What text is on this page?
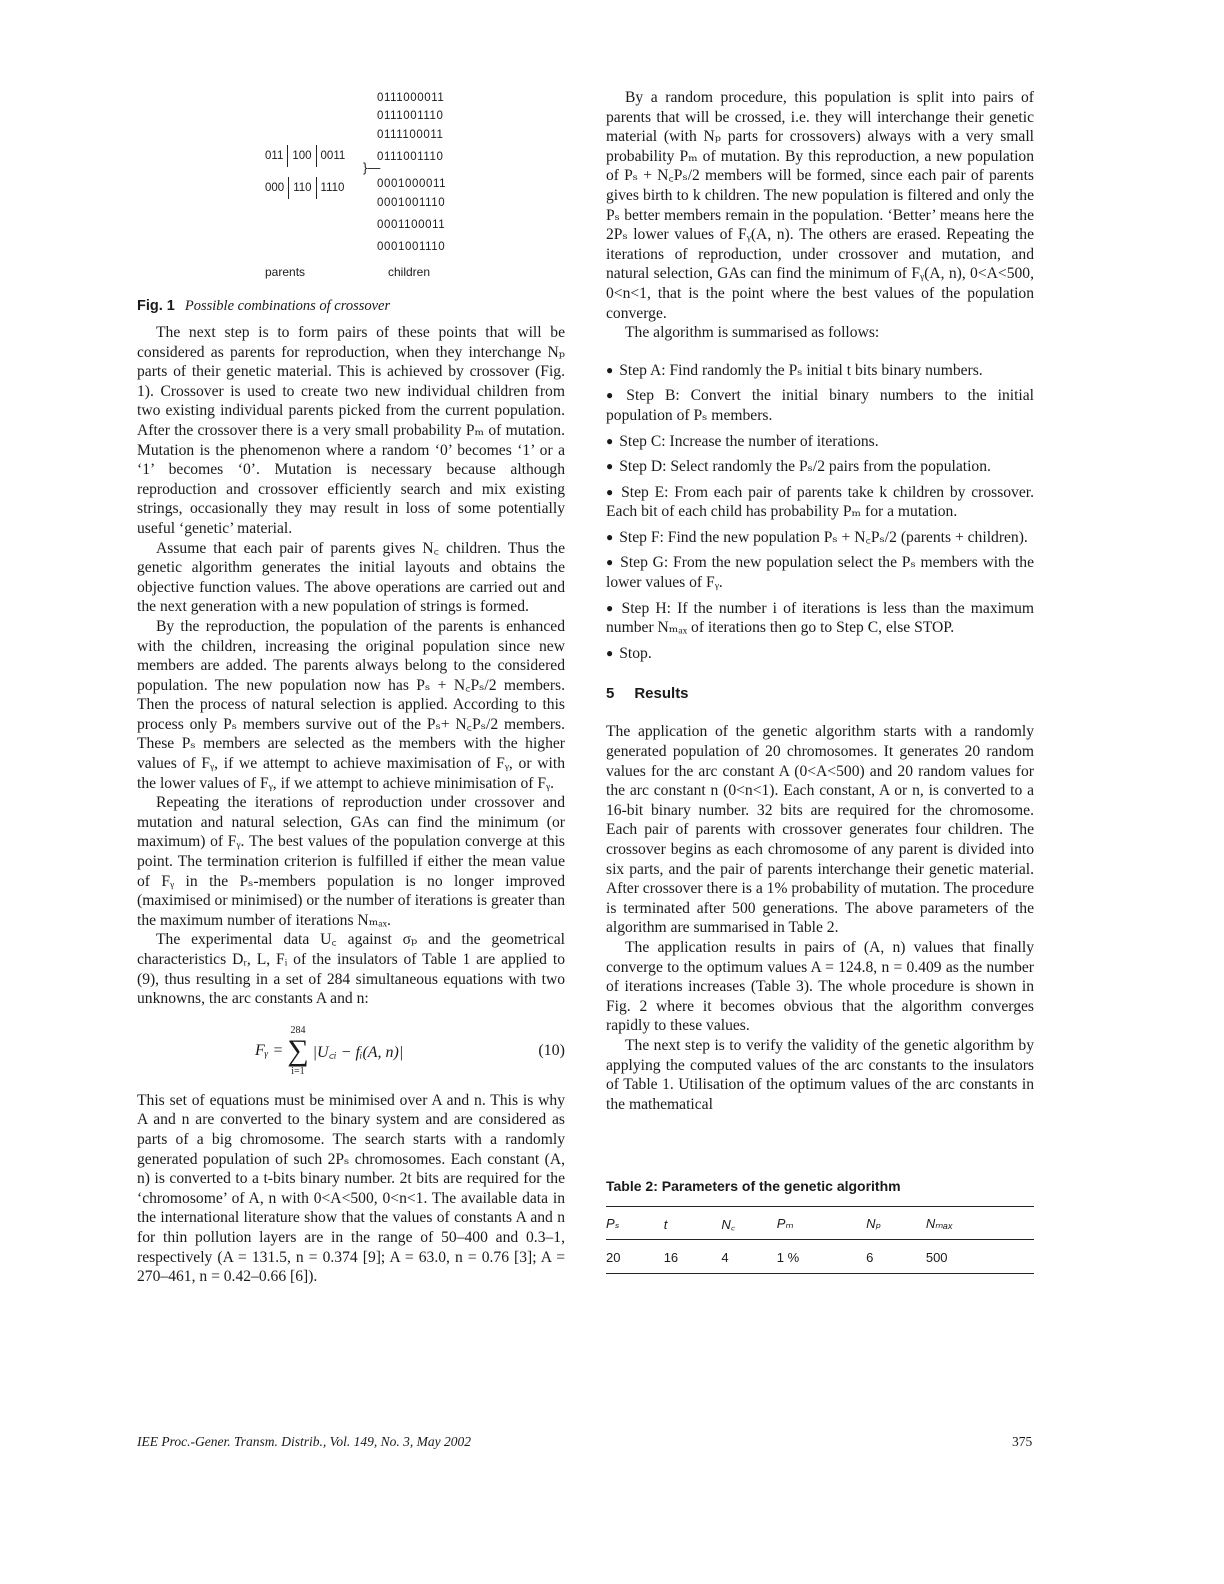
011 100 0011
000 110 1110
}—
0111000011
0111001110
0111100011
0111001110
0001000011
0001001110
0001100011
0001001110
parents	children
Fig. 1 Possible combinations of crossover

The next step is to form pairs of these points that will be considered as parents for reproduction, when they interchange Nₚ parts of their genetic material. This is achieved by crossover (Fig. 1). Crossover is used to create two new individual children from two existing individual parents picked from the current population. After the crossover there is a very small probability Pₘ of mutation. Mutation is the phenomenon where a random ‘0’ becomes ‘1’ or a ‘1’ becomes ‘0’. Mutation is necessary because although reproduction and crossover efficiently search and mix existing strings, occasionally they may result in loss of some potentially useful ‘genetic’ material.

Assume that each pair of parents gives N꜀ children. Thus the genetic algorithm generates the initial layouts and obtains the objective function values. The above operations are carried out and the next generation with a new population of strings is formed.

By the reproduction, the population of the parents is enhanced with the children, increasing the original population since new members are added. The parents always belong to the considered population. The new population now has Pₛ + N꜀Pₛ/2 members. Then the process of natural selection is applied. According to this process only Pₛ members survive out of the Pₛ+ N꜀Pₛ/2 members. These Pₛ members are selected as the members with the higher values of Fᵧ, if we attempt to achieve maximisation of Fᵧ, or with the lower values of Fᵧ, if we attempt to achieve minimisation of Fᵧ.

Repeating the iterations of reproduction under crossover and mutation and natural selection, GAs can find the minimum (or maximum) of Fᵧ. The best values of the population converge at this point. The termination criterion is fulfilled if either the mean value of Fᵧ in the Pₛ-members population is no longer improved (maximised or minimised) or the number of iterations is greater than the maximum number of iterations Nₘₐₓ.

The experimental data U꜀ against σₚ and the geometrical characteristics Dᵣ, L, Fᵢ of the insulators of Table 1 are applied to (9), thus resulting in a set of 284 simultaneous equations with two unknowns, the arc constants A and n:

Fᵧ =
284
∑
i=1
|U꜀ᵢ − fᵢ(A, n)|	(10)

This set of equations must be minimised over A and n. This is why A and n are converted to the binary system and are considered as parts of a big chromosome. The search starts with a randomly generated population of such 2Pₛ chromosomes. Each constant (A, n) is converted to a t-bits binary number. 2t bits are required for the ‘chromosome’ of A, n with 0<A<500, 0<n<1. The available data in the international literature show that the values of constants A and n for thin pollution layers are in the range of 50–400 and 0.3–1, respectively (A = 131.5, n = 0.374 [9]; A = 63.0, n = 0.76 [3]; A = 270–461, n = 0.42–0.66 [6]).

By a random procedure, this population is split into pairs of parents that will be crossed, i.e. they will interchange their genetic material (with Nₚ parts for crossovers) always with a very small probability Pₘ of mutation. By this reproduction, a new population of Pₛ + N꜀Pₛ/2 members will be formed, since each pair of parents gives birth to k children. The new population is filtered and only the Pₛ better members remain in the population. ‘Better’ means here the 2Pₛ lower values of Fᵧ(A, n). The others are erased. Repeating the iterations of reproduction, under crossover and mutation, and natural selection, GAs can find the minimum of Fᵧ(A, n), 0<A<500, 0<n<1, that is the point where the best values of the population converge.

The algorithm is summarised as follows:

● Step A: Find randomly the Pₛ initial t bits binary numbers.
● Step B: Convert the initial binary numbers to the initial population of Pₛ members.
● Step C: Increase the number of iterations.
● Step D: Select randomly the Pₛ/2 pairs from the population.
● Step E: From each pair of parents take k children by crossover. Each bit of each child has probability Pₘ for a mutation.
● Step F: Find the new population Pₛ + N꜀Pₛ/2 (parents + children).
● Step G: From the new population select the Pₛ members with the lower values of Fᵧ.
● Step H: If the number i of iterations is less than the maximum number Nₘₐₓ of iterations then go to Step C, else STOP.
● Stop.
5 Results

The application of the genetic algorithm starts with a randomly generated population of 20 chromosomes. It generates 20 random values for the arc constant A (0<A<500) and 20 random values for the arc constant n (0<n<1). Each constant, A or n, is converted to a 16-bit binary number. 32 bits are required for the chromosome. Each pair of parents with crossover generates four children. The crossover begins as each chromosome of any parent is divided into six parts, and the pair of parents interchange their genetic material. After crossover there is a 1% probability of mutation. The procedure is terminated after 500 generations. The above parameters of the algorithm are summarised in Table 2.

The application results in pairs of (A, n) values that finally converge to the optimum values A = 124.8, n = 0.409 as the number of iterations increases (Table 3). The whole procedure is shown in Fig. 2 where it becomes obvious that the algorithm converges rapidly to these values.

The next step is to verify the validity of the genetic algorithm by applying the computed values of the arc constants to the insulators of Table 1. Utilisation of the optimum values of the arc constants in the mathematical

Table 2: Parameters of the genetic algorithm
Pₛ	t	N꜀	Pₘ	Nₚ	Nₘₐₓ
20	16	4	1 %	6	500
IEE Proc.-Gener. Transm. Distrib., Vol. 149, No. 3, May 2002	375
